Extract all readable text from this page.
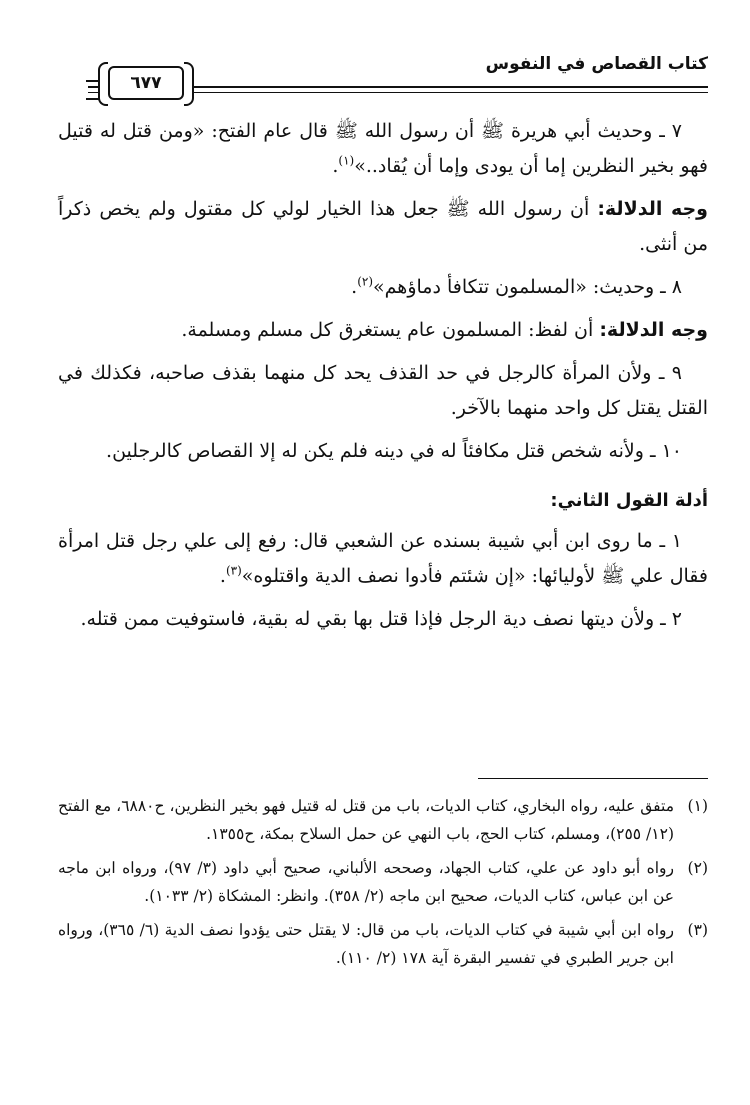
كتاب القصاص في النفوس
٦٧٧

٧ ـ وحديث أبي هريرة ﷺ أن رسول الله ﷺ قال عام الفتح: «ومن قتل له قتيل فهو بخير النظرين إما أن يودى وإما أن يُقاد..»$^{(١)}$.

وجه الدلالة: أن رسول الله ﷺ جعل هذا الخيار لولي كل مقتول ولم يخص ذكراً من أنثى.

٨ ـ وحديث: «المسلمون تتكافأ دماؤهم»$^{(٢)}$.

وجه الدلالة: أن لفظ: المسلمون عام يستغرق كل مسلم ومسلمة.

٩ ـ ولأن المرأة كالرجل في حد القذف يحد كل منهما بقذف صاحبه، فكذلك في القتل يقتل كل واحد منهما بالآخر.

١٠ ـ ولأنه شخص قتل مكافئاً له في دينه فلم يكن له إلا القصاص كالرجلين.

أدلة القول الثاني:

١ ـ ما روى ابن أبي شيبة بسنده عن الشعبي قال: رفع إلى علي رجل قتل امرأة فقال علي ﷺ لأوليائها: «إن شئتم فأدوا نصف الدية واقتلوه»$^{(٣)}$.

٢ ـ ولأن ديتها نصف دية الرجل فإذا قتل بها بقي له بقية، فاستوفيت ممن قتله.

(١)
متفق عليه، رواه البخاري، كتاب الديات، باب من قتل له قتيل فهو بخير النظرين، ح٦٨٨٠، مع الفتح (١٢/ ٢٥٥)، ومسلم، كتاب الحج، باب النهي عن حمل السلاح بمكة، ح١٣٥٥.
(٢)
رواه أبو داود عن علي، كتاب الجهاد، وصححه الألباني، صحيح أبي داود (٣/ ٩٧)، ورواه ابن ماجه عن ابن عباس، كتاب الديات، صحيح ابن ماجه (٢/ ٣٥٨). وانظر: المشكاة (٢/ ١٠٣٣).
(٣)
رواه ابن أبي شيبة في كتاب الديات، باب من قال: لا يقتل حتى يؤدوا نصف الدية (٦/ ٣٦٥)، ورواه ابن جرير الطبري في تفسير البقرة آية ١٧٨ (٢/ ١١٠).
